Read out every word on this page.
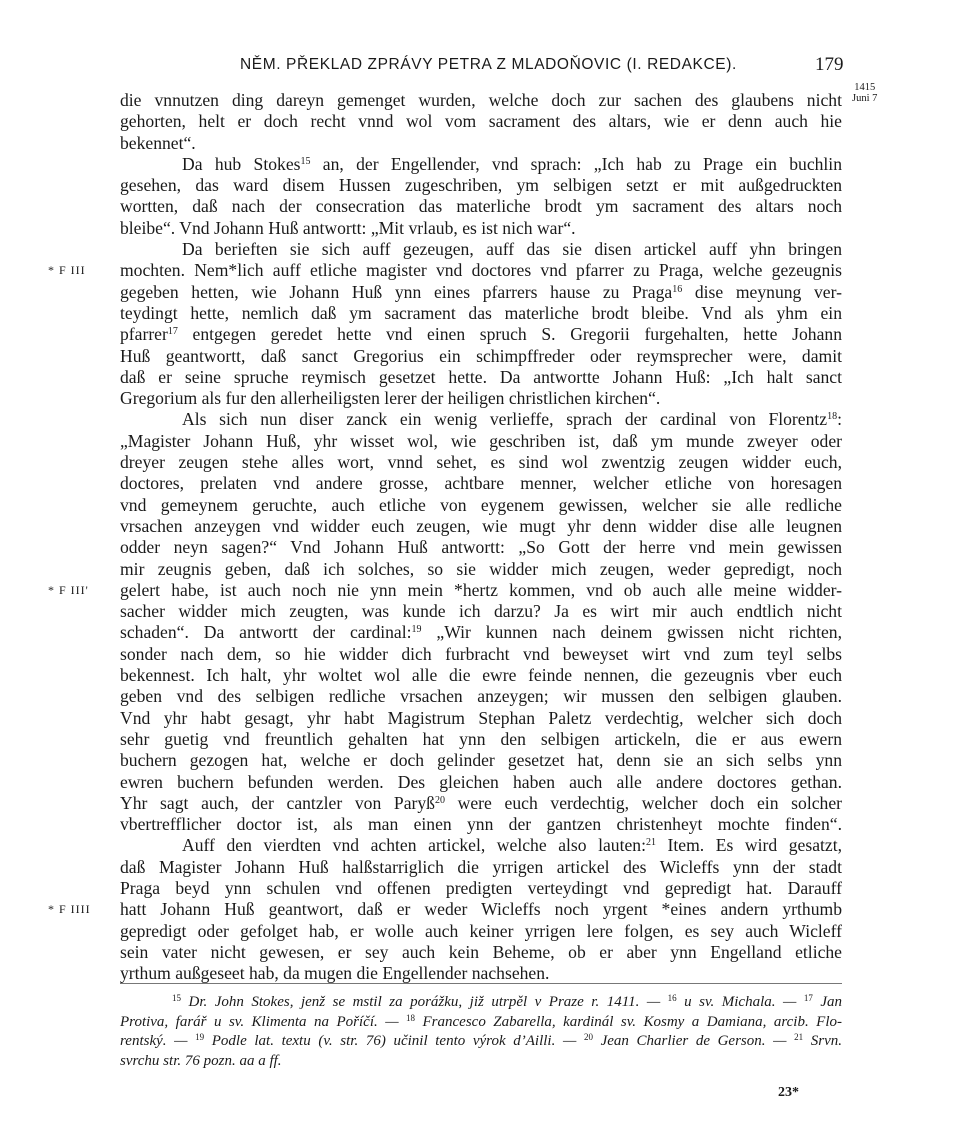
NĚM. PŘEKLAD ZPRÁVY PETRA Z MLADOŇOVIC (I. REDAKCE).	179
1415
Juni 7
die vnnutzen ding dareyn gemenget wurden, welche doch zur sachen des glaubens nicht
gehorten, helt er doch recht vnnd wol vom sacrament des altars, wie er denn auch hie
bekennet“.
Da hub Stokes$^{15}$ an, der Engellender, vnd sprach: „Ich hab zu Prage ein buchlin
gesehen, das ward disem Hussen zugeschriben, ym selbigen setzt er mit außgedruckten
wortten, daß nach der consecration das materliche brodt ym sacrament des altars noch
bleibe“. Vnd Johann Huß antwortt: „Mit vrlaub, es ist nich war“.
Da berieften sie sich auff gezeugen, auff das sie disen artickel auff yhn bringen
* F III mochten. Nem*lich auff etliche magister vnd doctores vnd pfarrer zu Praga, welche gezeugnis
gegeben hetten, wie Johann Huß ynn eines pfarrers hause zu Praga$^{16}$ dise meynung ver-
teydingt hette, nemlich daß ym sacrament das materliche brodt bleibe. Vnd als yhm ein
pfarrer$^{17}$ entgegen geredet hette vnd einen spruch S. Gregorii furgehalten, hette Johann
Huß geantwortt, daß sanct Gregorius ein schimpffreder oder reymsprecher were, damit
daß er seine spruche reymisch gesetzet hette. Da antwortte Johann Huß: „Ich halt sanct
Gregorium als fur den allerheiligsten lerer der heiligen christlichen kirchen“.
Als sich nun diser zanck ein wenig verlieffe, sprach der cardinal von Florentz$^{18}$:
„Magister Johann Huß, yhr wisset wol, wie geschriben ist, daß ym munde zweyer oder
dreyer zeugen stehe alles wort, vnnd sehet, es sind wol zwentzig zeugen widder euch,
doctores, prelaten vnd andere grosse, achtbare menner, welcher etliche von horesagen
vnd gemeynem geruchte, auch etliche von eygenem gewissen, welcher sie alle redliche
vrsachen anzeygen vnd widder euch zeugen, wie mugt yhr denn widder dise alle leugnen
odder neyn sagen?“ Vnd Johann Huß antwortt: „So Gott der herre vnd mein gewissen
mir zeugnis geben, daß ich solches, so sie widder mich zeugen, weder gepredigt, noch
* F III' gelert habe, ist auch noch nie ynn mein *hertz kommen, vnd ob auch alle meine widder-
sacher widder mich zeugten, was kunde ich darzu? Ja es wirt mir auch endtlich nicht
schaden“. Da antwortt der cardinal:$^{19}$ „Wir kunnen nach deinem gwissen nicht richten,
sonder nach dem, so hie widder dich furbracht vnd beweyset wirt vnd zum teyl selbs
bekennest. Ich halt, yhr woltet wol alle die ewre feinde nennen, die gezeugnis vber euch
geben vnd des selbigen redliche vrsachen anzeygen; wir mussen den selbigen glauben.
Vnd yhr habt gesagt, yhr habt Magistrum Stephan Paletz verdechtig, welcher sich doch
sehr guetig vnd freuntlich gehalten hat ynn den selbigen artickeln, die er aus ewern
buchern gezogen hat, welche er doch gelinder gesetzet hat, denn sie an sich selbs ynn
ewren buchern befunden werden. Des gleichen haben auch alle andere doctores gethan.
Yhr sagt auch, der cantzler von Paryß$^{20}$ were euch verdechtig, welcher doch ein solcher
vbertrefflicher doctor ist, als man einen ynn der gantzen christenheyt mochte finden“.
Auff den vierdten vnd achten artickel, welche also lauten:$^{21}$ Item. Es wird gesatzt,
daß Magister Johann Huß halßstarriglich die yrrigen artickel des Wicleffs ynn der stadt
Praga beyd ynn schulen vnd offenen predigten verteydingt vnd gepredigt hat. Darauff
* F IIII hatt Johann Huß geantwort, daß er weder Wicleffs noch yrgent *eines andern yrthumb
gepredigt oder gefolget hab, er wolle auch keiner yrrigen lere folgen, es sey auch Wicleff
sein vater nicht gewesen, er sey auch kein Beheme, ob er aber ynn Engelland etliche
yrthum außgeseet hab, da mugen die Engellender nachsehen.
$^{15}$ Dr. John Stokes, jenž se mstil za porážku, již utrpěl v Praze r. 1411. — $^{16}$ u sv. Michala. — $^{17}$ Jan
Protiva, farář u sv. Klimenta na Poříčí. — $^{18}$ Francesco Zabarella, kardinál sv. Kosmy a Damiana, arcib. Flo-
rentský. — $^{19}$ Podle lat. textu (v. str. 76) učinil tento výrok d’Ailli. — $^{20}$ Jean Charlier de Gerson. — $^{21}$ Srvn.
svrchu str. 76 pozn. aa a ff.
23*
